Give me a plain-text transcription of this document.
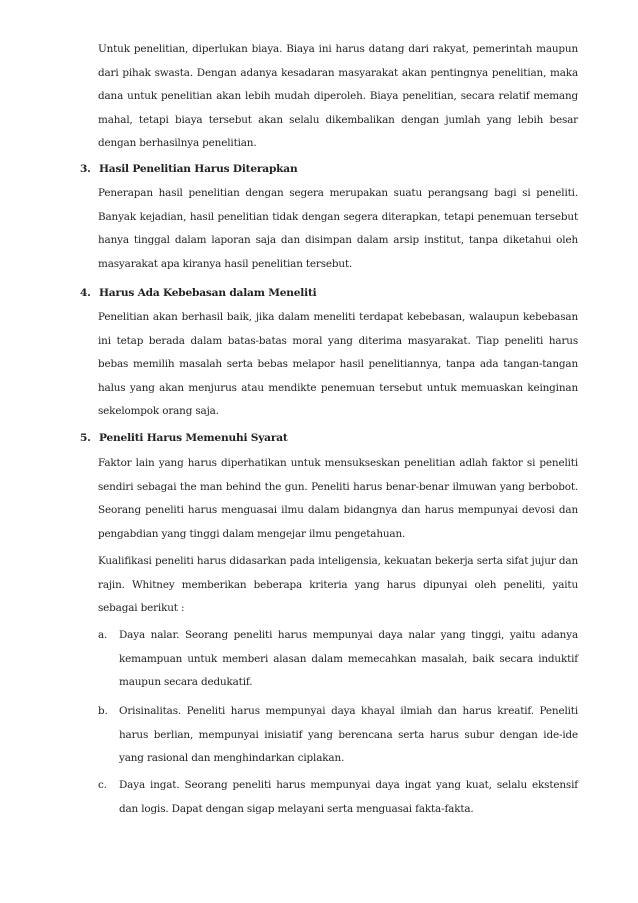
Untuk penelitian, diperlukan biaya. Biaya ini harus datang dari rakyat, pemerintah maupun dari pihak swasta. Dengan adanya kesadaran masyarakat akan pentingnya penelitian, maka dana untuk penelitian akan lebih mudah diperoleh. Biaya penelitian, secara relatif memang mahal, tetapi biaya tersebut akan selalu dikembalikan dengan jumlah yang lebih besar dengan berhasilnya penelitian.

3. Hasil Penelitian Harus Diterapkan

Penerapan hasil penelitian dengan segera merupakan suatu perangsang bagi si peneliti. Banyak kejadian, hasil penelitian tidak dengan segera diterapkan, tetapi penemuan tersebut hanya tinggal dalam laporan saja dan disimpan dalam arsip institut, tanpa diketahui oleh masyarakat apa kiranya hasil penelitian tersebut.

4. Harus Ada Kebebasan dalam Meneliti

Penelitian akan berhasil baik, jika dalam meneliti terdapat kebebasan, walaupun kebebasan ini tetap berada dalam batas-batas moral yang diterima masyarakat. Tiap peneliti harus bebas memilih masalah serta bebas melapor hasil penelitiannya, tanpa ada tangan-tangan halus yang akan menjurus atau mendikte penemuan tersebut untuk memuaskan keinginan sekelompok orang saja.

5. Peneliti Harus Memenuhi Syarat

Faktor lain yang harus diperhatikan untuk mensukseskan penelitian adlah faktor si peneliti sendiri sebagai the man behind the gun. Peneliti harus benar-benar ilmuwan yang berbobot. Seorang peneliti harus menguasai ilmu dalam bidangnya dan harus mempunyai devosi dan pengabdian yang tinggi dalam mengejar ilmu pengetahuan.

Kualifikasi peneliti harus didasarkan pada inteligensia, kekuatan bekerja serta sifat jujur dan rajin. Whitney memberikan beberapa kriteria yang harus dipunyai oleh peneliti, yaitu sebagai berikut :

a. Daya nalar. Seorang peneliti harus mempunyai daya nalar yang tinggi, yaitu adanya kemampuan untuk memberi alasan dalam memecahkan masalah, baik secara induktif maupun secara dedukatif.
b. Orisinalitas. Peneliti harus mempunyai daya khayal ilmiah dan harus kreatif. Peneliti harus berlian, mempunyai inisiatif yang berencana serta harus subur dengan ide-ide yang rasional dan menghindarkan ciplakan.
c. Daya ingat. Seorang peneliti harus mempunyai daya ingat yang kuat, selalu ekstensif dan logis. Dapat dengan sigap melayani serta menguasai fakta-fakta.
